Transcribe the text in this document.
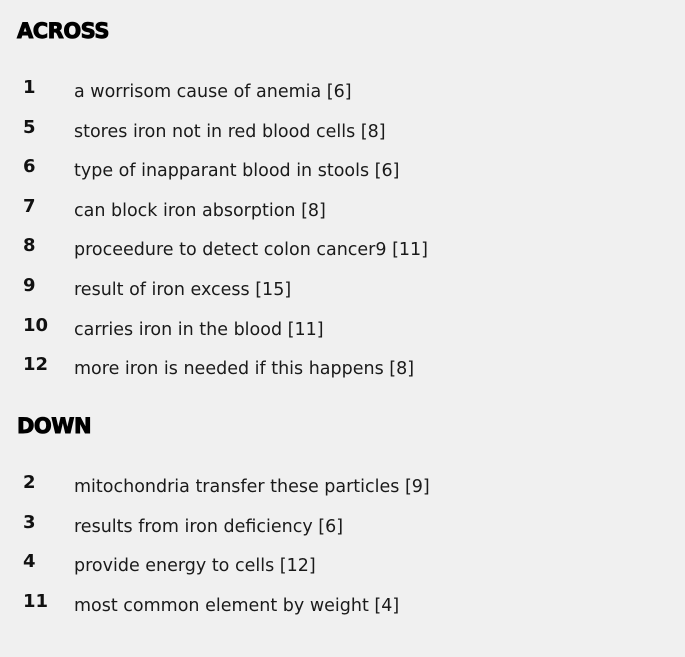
ACROSS
1 a worrisom cause of anemia [6]
5 stores iron not in red blood cells [8]
6 type of inapparant blood in stools [6]
7 can block iron absorption [8]
8 proceedure to detect colon cancer9 [11]
9 result of iron excess [15]
10 carries iron in the blood [11]
12 more iron is needed if this happens [8]
DOWN
2 mitochondria transfer these particles [9]
3 results from iron deficiency [6]
4 provide energy to cells [12]
11 most common element by weight [4]
